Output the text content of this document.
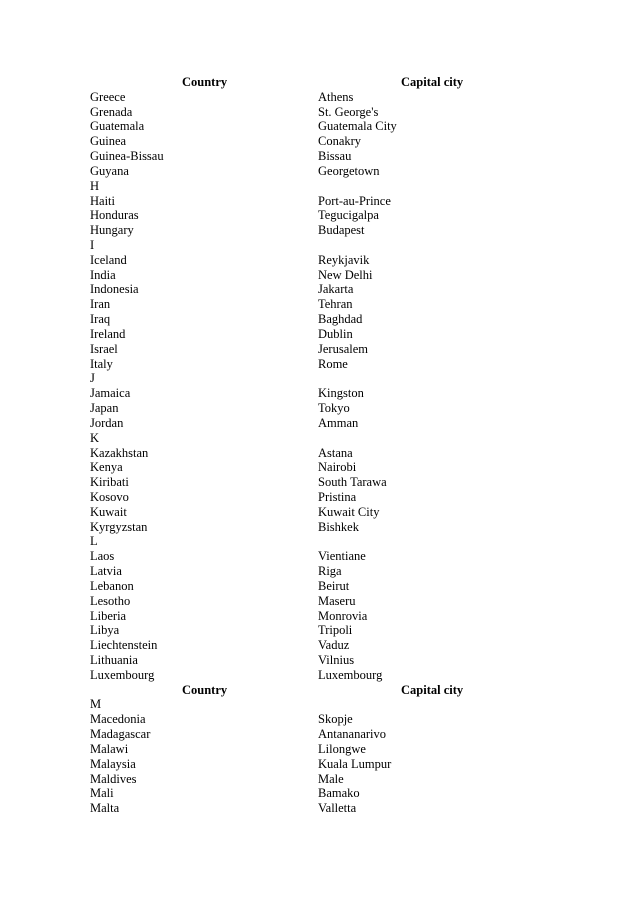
Country	Capital city
Greece	Athens
Grenada	St. George's
Guatemala	Guatemala City
Guinea	Conakry
Guinea-Bissau	Bissau
Guyana	Georgetown
H
Haiti	Port-au-Prince
Honduras	Tegucigalpa
Hungary	Budapest
I
Iceland	Reykjavik
India	New Delhi
Indonesia	Jakarta
Iran	Tehran
Iraq	Baghdad
Ireland	Dublin
Israel	Jerusalem
Italy	Rome
J
Jamaica	Kingston
Japan	Tokyo
Jordan	Amman
K
Kazakhstan	Astana
Kenya	Nairobi
Kiribati	South Tarawa
Kosovo	Pristina
Kuwait	Kuwait City
Kyrgyzstan	Bishkek
L
Laos	Vientiane
Latvia	Riga
Lebanon	Beirut
Lesotho	Maseru
Liberia	Monrovia
Libya	Tripoli
Liechtenstein	Vaduz
Lithuania	Vilnius
Luxembourg	Luxembourg
Country	Capital city
M
Macedonia	Skopje
Madagascar	Antananarivo
Malawi	Lilongwe
Malaysia	Kuala Lumpur
Maldives	Male
Mali	Bamako
Malta	Valletta
